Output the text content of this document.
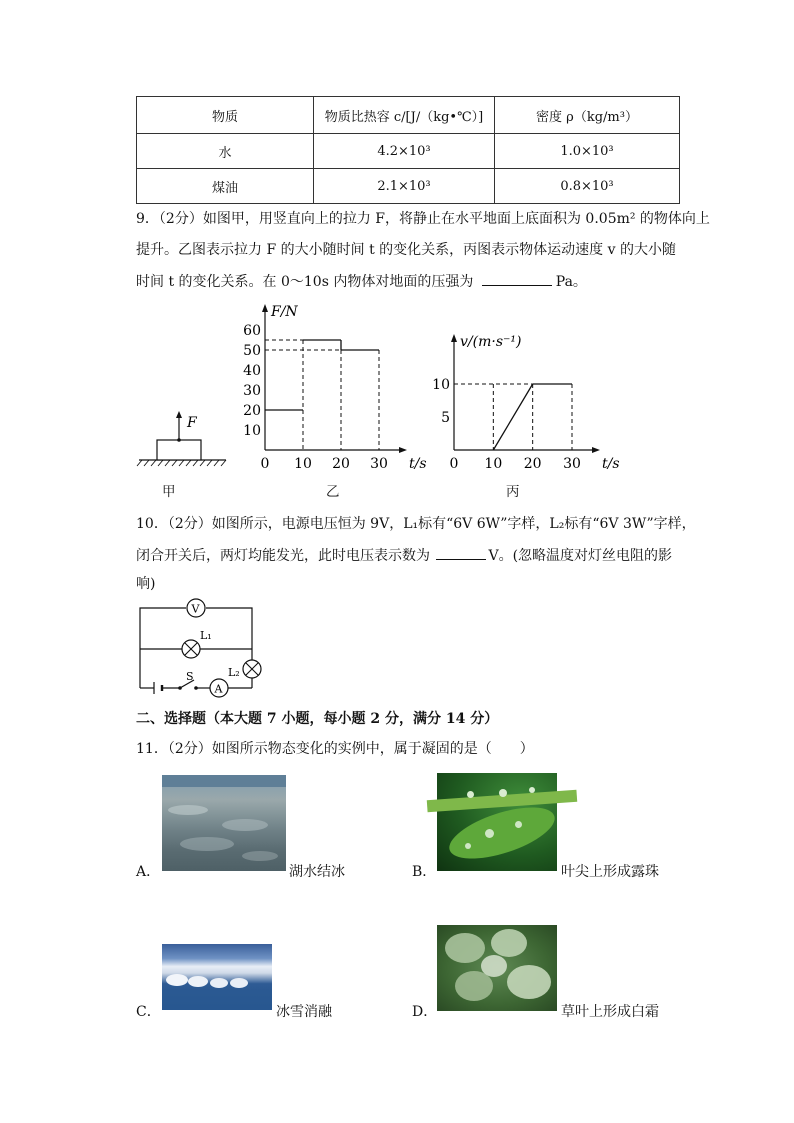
物质	物质比热容 c/[J/（kg•℃）]	密度 ρ（kg/m³）
水	4.2×10³	1.0×10³
煤油	2.1×10³	0.8×10³
9．（2分）如图甲，用竖直向上的拉力 F，将静止在水平地面上底面积为 0.05m² 的物体向上
提升。乙图表示拉力 F 的大小随时间 t 的变化关系，丙图表示物体运动速度 v 的大小随
时间 t 的变化关系。在 0～10s 内物体对地面的压强为	Pa。
F
甲
60
50
40
30
20
10
0 10 20 30
F/N
t/s
乙
10
5
0 10 20 30
v/(m·s⁻¹)
t/s
丙
10．（2分）如图所示，电源电压恒为 9V，L₁标有“6V 6W”字样，L₂标有“6V 3W”字样，
闭合开关后，两灯均能发光，此时电压表示数为	V。(忽略温度对灯丝电阻的影
响)
V
L₁
L₂
A
S
二、选择题（本大题 7 小题，每小题 2 分，满分 14 分）
11．（2分）如图所示物态变化的实例中，属于凝固的是（　　）
A．	湖水结冰	B．	叶尖上形成露珠
C．	冰雪消融	D．	草叶上形成白霜
